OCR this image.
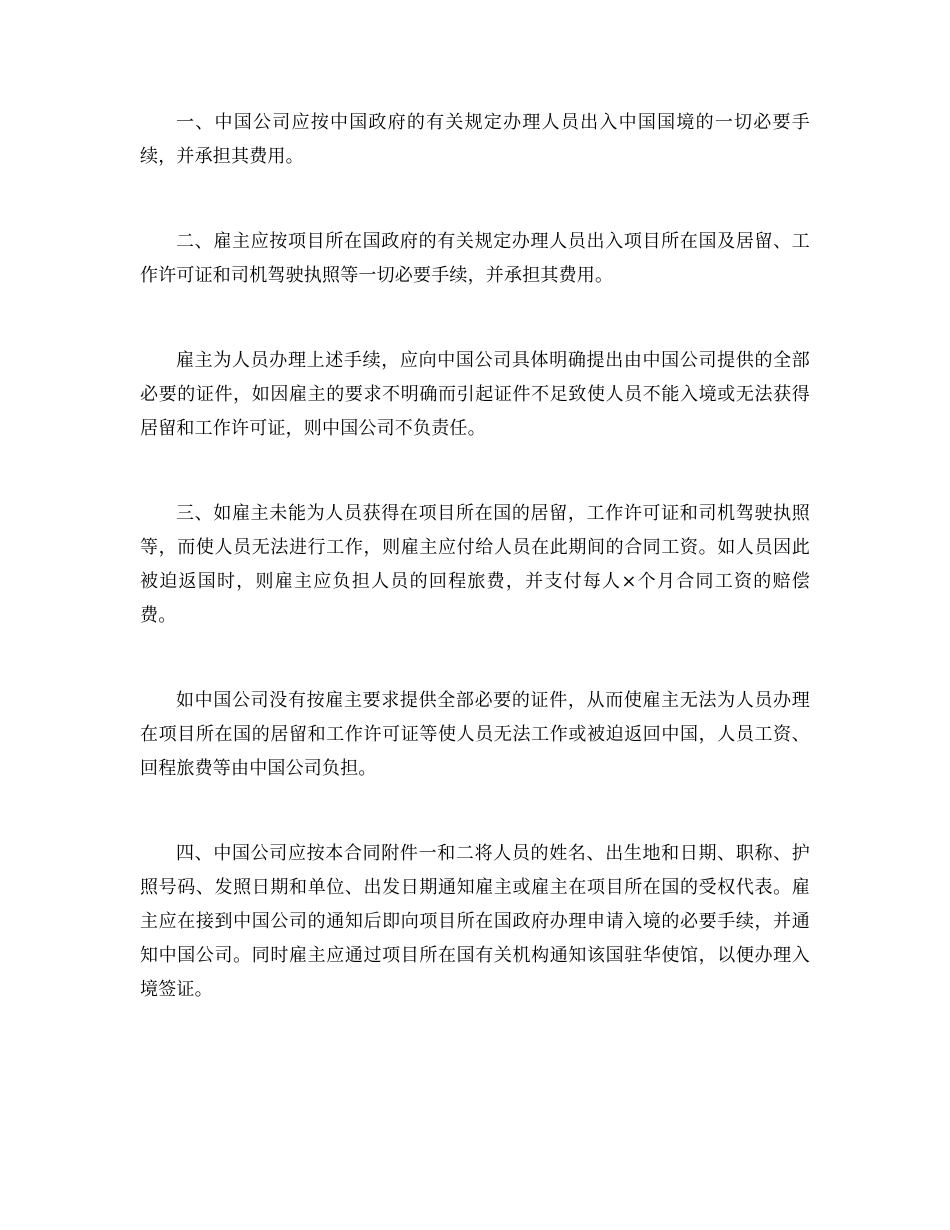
一、中国公司应按中国政府的有关规定办理人员出入中国国境的一切必要手续，并承担其费用。

二、雇主应按项目所在国政府的有关规定办理人员出入项目所在国及居留、工作许可证和司机驾驶执照等一切必要手续，并承担其费用。

雇主为人员办理上述手续，应向中国公司具体明确提出由中国公司提供的全部必要的证件，如因雇主的要求不明确而引起证件不足致使人员不能入境或无法获得居留和工作许可证，则中国公司不负责任。

三、如雇主未能为人员获得在项目所在国的居留，工作许可证和司机驾驶执照等，而使人员无法进行工作，则雇主应付给人员在此期间的合同工资。如人员因此被迫返国时，则雇主应负担人员的回程旅费，并支付每人×个月合同工资的赔偿费。

如中国公司没有按雇主要求提供全部必要的证件，从而使雇主无法为人员办理在项目所在国的居留和工作许可证等使人员无法工作或被迫返回中国，人员工资、回程旅费等由中国公司负担。

四、中国公司应按本合同附件一和二将人员的姓名、出生地和日期、职称、护照号码、发照日期和单位、出发日期通知雇主或雇主在项目所在国的受权代表。雇主应在接到中国公司的通知后即向项目所在国政府办理申请入境的必要手续，并通知中国公司。同时雇主应通过项目所在国有关机构通知该国驻华使馆，以便办理入境签证。
